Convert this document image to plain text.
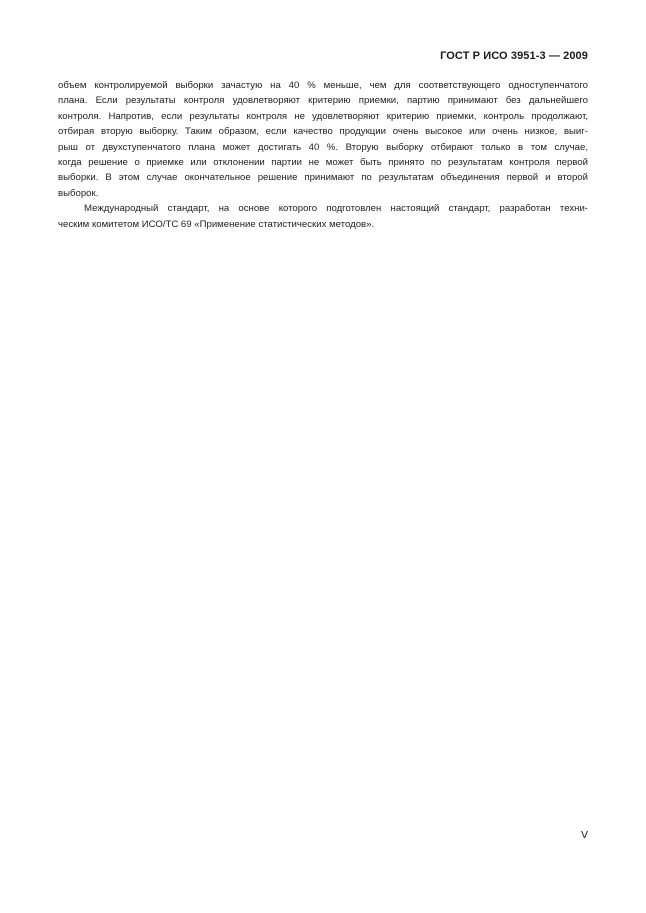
ГОСТ Р ИСО 3951-3 — 2009
объем контролируемой выборки зачастую на 40 % меньше, чем для соответствующего одноступенчатого
плана. Если результаты контроля удовлетворяют критерию приемки, партию принимают без дальнейшего
контроля. Напротив, если результаты контроля не удовлетворяют критерию приемки, контроль продолжают,
отбирая вторую выборку. Таким образом, если качество продукции очень высокое или очень низкое, выиг-
рыш от двухступенчатого плана может достигать 40 %. Вторую выборку отбирают только в том случае,
когда решение о приемке или отклонении партии не может быть принято по результатам контроля первой
выборки. В этом случае окончательное решение принимают по результатам объединения первой и второй
выборок.
Международный стандарт, на основе которого подготовлен настоящий стандарт, разработан техни-
ческим комитетом ИСО/ТС 69 «Применение статистических методов».
V
